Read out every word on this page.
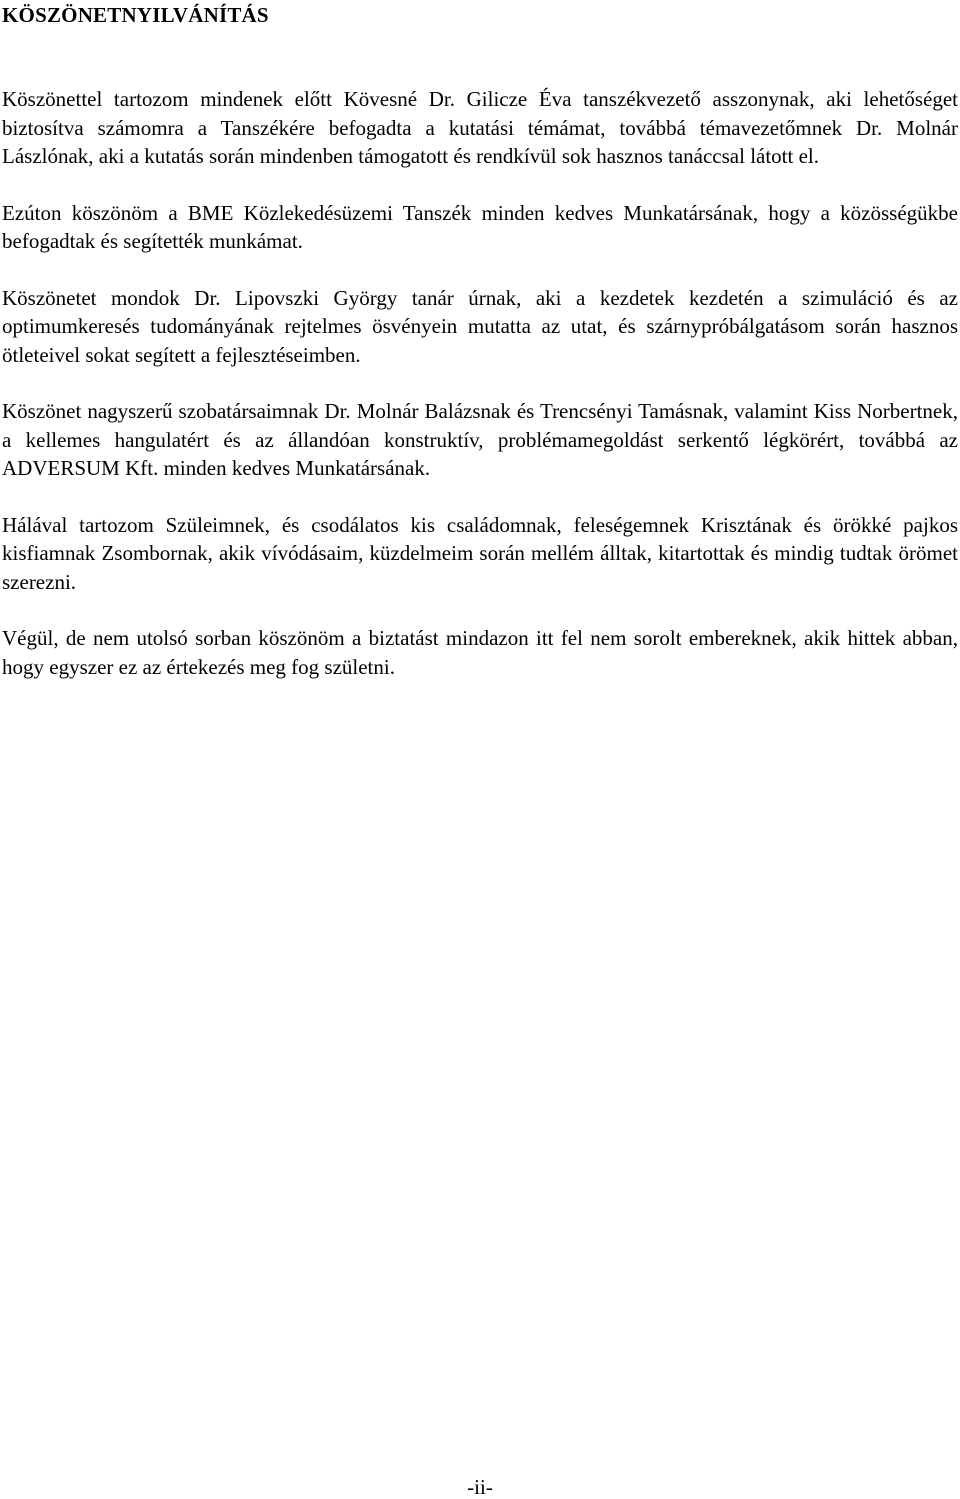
KÖSZÖNETNYILVÁNÍTÁS

Köszönettel tartozom mindenek előtt Kövesné Dr. Gilicze Éva tanszékvezető asszonynak, aki lehetőséget biztosítva számomra a Tanszékére befogadta a kutatási témámat, továbbá témavezetőmnek Dr. Molnár Lászlónak, aki a kutatás során mindenben támogatott és rendkívül sok hasznos tanáccsal látott el.

Ezúton köszönöm a BME Közlekedésüzemi Tanszék minden kedves Munkatársának, hogy a közösségükbe befogadtak és segítették munkámat.

Köszönetet mondok Dr. Lipovszki György tanár úrnak, aki a kezdetek kezdetén a szimuláció és az optimumkeresés tudományának rejtelmes ösvényein mutatta az utat, és szárnypróbálgatásom során hasznos ötleteivel sokat segített a fejlesztéseimben.

Köszönet nagyszerű szobatársaimnak Dr. Molnár Balázsnak és Trencsényi Tamásnak, valamint Kiss Norbertnek, a kellemes hangulatért és az állandóan konstruktív, problémamegoldást serkentő légkörért, továbbá az ADVERSUM Kft. minden kedves Munkatársának.

Hálával tartozom Szüleimnek, és csodálatos kis családomnak, feleségemnek Krisztának és örökké pajkos kisfiamnak Zsombornak, akik vívódásaim, küzdelmeim során mellém álltak, kitartottak és mindig tudtak örömet szerezni.

Végül, de nem utolsó sorban köszönöm a biztatást mindazon itt fel nem sorolt embereknek, akik hittek abban, hogy egyszer ez az értekezés meg fog születni.

-ii-
